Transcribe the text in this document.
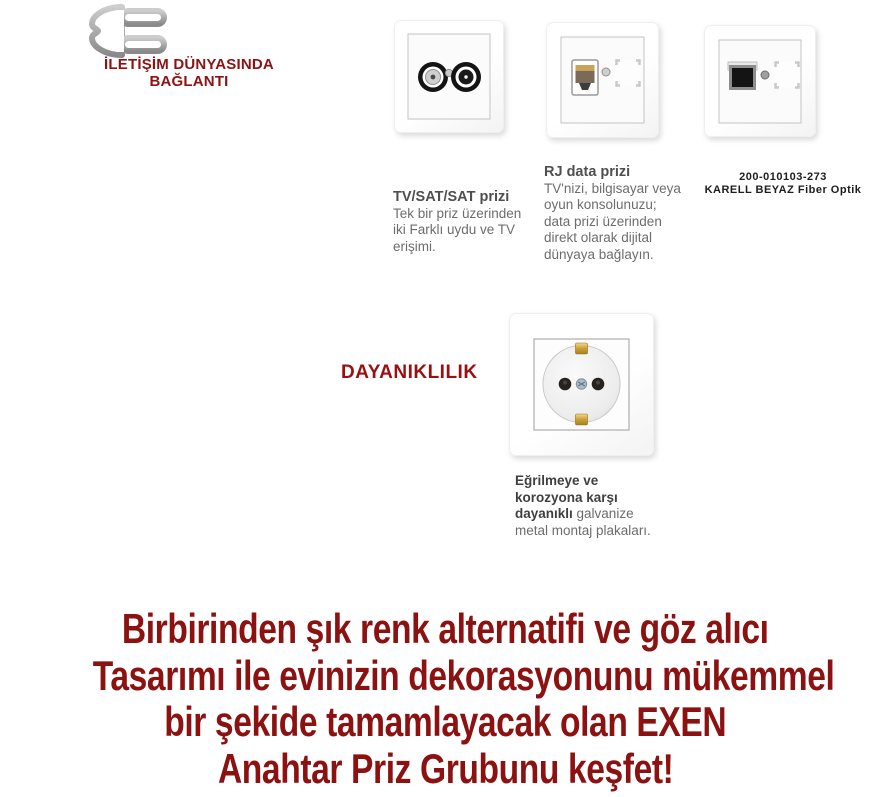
İLETİŞİM DÜNYASINDA BAĞLANTI
TV/SAT/SAT prizi
Tek bir priz üzerinden iki Farklı uydu ve TV erişimi.
RJ data prizi
TV'nizi, bilgisayar veya oyun konsolunuzu; data prizi üzerinden direkt olarak dijital dünyaya bağlayın.
200-010103-273
KARELL BEYAZ Fiber Optik
DAYANIKLILIK
Eğrilmeye ve korozyona karşı dayanıklı galvanize metal montaj plakaları.
Birbirinden şık renk alternatifi ve göz alıcı
Tasarımı ile evinizin dekorasyonunu mükemmel
bir şekide tamamlayacak olan EXEN
Anahtar Priz Grubunu keşfet!
